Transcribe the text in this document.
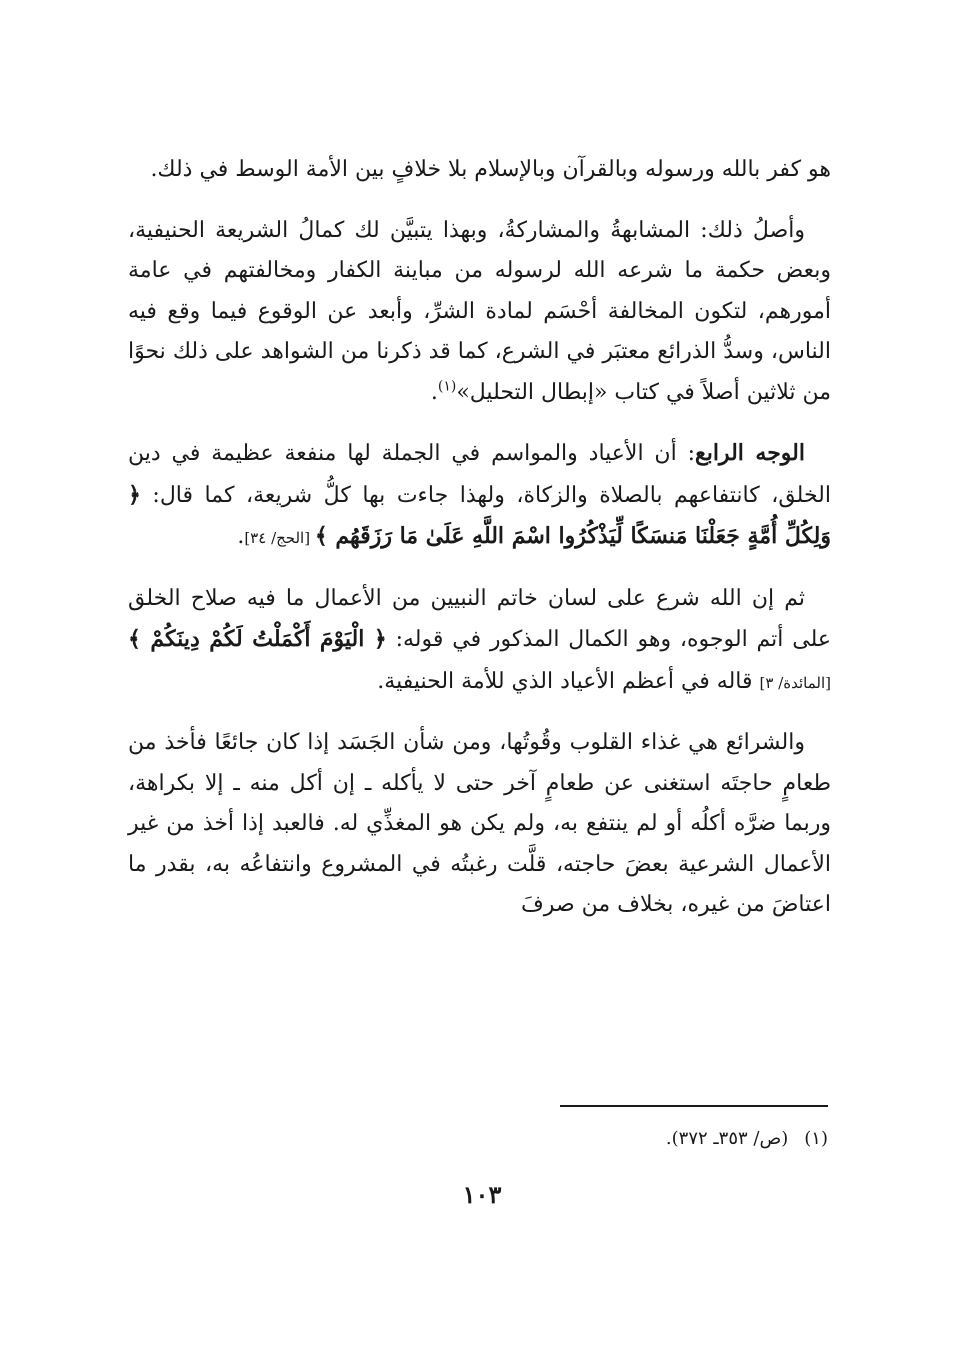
هو كفر بالله ورسوله وبالقرآن وبالإسلام بلا خلافٍ بين الأمة الوسط في ذلك.

وأصلُ ذلك: المشابهةُ والمشاركةُ، وبهذا يتبيَّن لك كمالُ الشريعة الحنيفية، وبعض حكمة ما شرعه الله لرسوله من مباينة الكفار ومخالفتهم في عامة أمورهم، لتكون المخالفة أحْسَم لمادة الشرِّ، وأبعد عن الوقوع فيما وقع فيه الناس، وسدُّ الذرائع معتبَر في الشرع، كما قد ذكرنا من الشواهد على ذلك نحوًا من ثلاثين أصلاً في كتاب «إبطال التحليل»$^{(١)}$.

الوجه الرابع: أن الأعياد والمواسم في الجملة لها منفعة عظيمة في دين الخلق، كانتفاعهم بالصلاة والزكاة، ولهذا جاءت بها كلُّ شريعة، كما قال: ﴿ وَلِكُلِّ أُمَّةٍ جَعَلْنَا مَنسَكًا لِّيَذْكُرُوا اسْمَ اللَّهِ عَلَىٰ مَا رَزَقَهُم ﴾ [الحج/ ٣٤].

ثم إن الله شرع على لسان خاتم النبيين من الأعمال ما فيه صلاح الخلق على أتم الوجوه، وهو الكمال المذكور في قوله: ﴿ الْيَوْمَ أَكْمَلْتُ لَكُمْ دِينَكُمْ ﴾ [المائدة/ ٣] قاله في أعظم الأعياد الذي للأمة الحنيفية.

والشرائع هي غذاء القلوب وقُوتُها، ومن شأن الجَسَد إذا كان جائعًا فأخذ من طعامٍ حاجتَه استغنى عن طعامٍ آخر حتى لا يأكله ـ إن أكل منه ـ إلا بكراهة، وربما ضرَّه أكلُه أو لم ينتفع به، ولم يكن هو المغذِّي له. فالعبد إذا أخذ من غير الأعمال الشرعية بعضَ حاجته، قلَّت رغبتُه في المشروع وانتفاعُه به، بقدر ما اعتاضَ من غيره، بخلاف من صرفَ

(١)(ص/ ٣٥٣ـ ٣٧٢).
١٠٣
